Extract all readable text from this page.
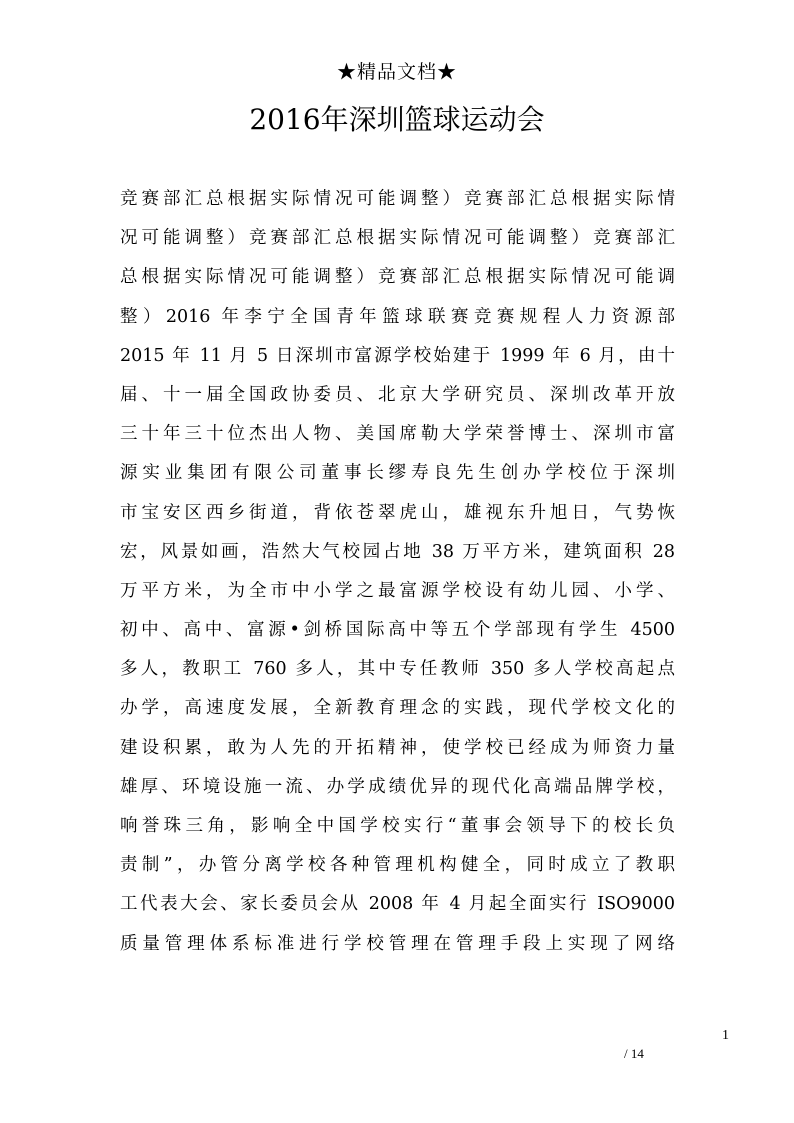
★精品文档★
2016年深圳篮球运动会
竞赛部汇总根据实际情况可能调整）竞赛部汇总根据实际情
况可能调整）竞赛部汇总根据实际情况可能调整）竞赛部汇
总根据实际情况可能调整）竞赛部汇总根据实际情况可能调
整）2016 年李宁全国青年篮球联赛竞赛规程人力资源部
2015 年 11 月 5 日深圳市富源学校始建于 1999 年 6 月，由十
届、十一届全国政协委员、北京大学研究员、深圳改革开放
三十年三十位杰出人物、美国席勒大学荣誉博士、深圳市富
源实业集团有限公司董事长缪寿良先生创办学校位于深圳
市宝安区西乡街道，背依苍翠虎山，雄视东升旭日，气势恢
宏，风景如画，浩然大气校园占地 38 万平方米，建筑面积 28
万平方米，为全市中小学之最富源学校设有幼儿园、小学、
初中、高中、富源•剑桥国际高中等五个学部现有学生 4500
多人，教职工 760 多人，其中专任教师 350 多人学校高起点
办学，高速度发展，全新教育理念的实践，现代学校文化的
建设积累，敢为人先的开拓精神，使学校已经成为师资力量
雄厚、环境设施一流、办学成绩优异的现代化高端品牌学校，
响誉珠三角，影响全中国学校实行“董事会领导下的校长负
责制”，办管分离学校各种管理机构健全，同时成立了教职
工代表大会、家长委员会从 2008 年 4 月起全面实行 ISO9000
质量管理体系标准进行学校管理在管理手段上实现了网络
1
/ 14
